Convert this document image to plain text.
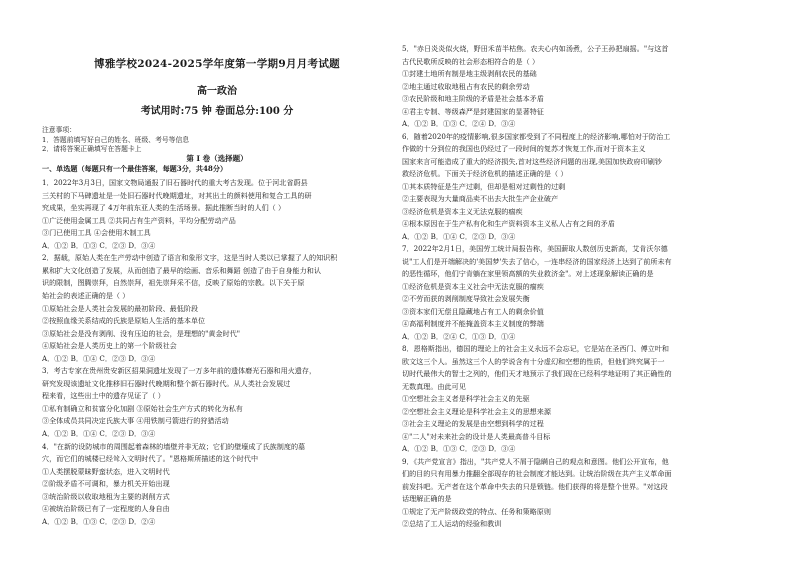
博雅学校2024-2025学年度第一学期9月月考试题
高一政治
考试用时:75 钟 卷面总分:100 分
注意事项：
1．答题前填写好自己的姓名、班级、考号等信息
2．请将答案正确填写在答题卡上
第 I 卷（选择题）
一、单选题（每题只有一个最佳答案，每题3分，共48分）
1．2022年3月3日，国家文物局通报了旧石器时代的重大考古发现。位于河北省蔚县
三关村的下马碑遗址是一处旧石器时代晚期遗址，对其出土的颜料使用和复合工具的研
究成果，坐实再现了 4万年前东亚人类的生活场景。据此推断当时的人们（ ）
①广泛使用金属工具 ②共同占有生产资料，平均分配劳动产品
③门已使用工具 ④会使用木制工具
A．①② B．①③ C．②③ D．③④
2．据载，原始人类在生产劳动中创造了语言和象形文字，这是当时人类以已掌握了人的知识积
累和扩大文化创造了发展，从而创造了最早的绘画、音乐和舞蹈 创造了由于自身能力和认
识的限制，图腾崇拜，自然崇拜，祖先崇拜采不信，反映了原始的宗教。以下关于原
始社会的表述正确的是（ ）
①原始社会是人类社会发展的最初阶段、最低阶段
②按照血缘关系结成的氏族是原始人生活的基本单位
③原始社会是没有剥削、没有压迫的社会，是理想的"黄金时代"
④原始社会是人类历史上的第一个阶级社会
A．①② B．①④ C．②③ D．③④
3．考古专家在贵州贵安新区招果洞遗址发现了一万多年前的遗体磨光石器和用火遗存，
研究发现该遗址文化推移旧石器时代晚期和整个新石器时代。从人类社会发展过
程来看，这些出土中的遗存见证了（ ）
①私有制确立和贫富分化加剧 ③原始社会生产方式的转化为私有
③全体成员共同决定氏族大事 ④用铁制弓箭进行的狩猎活动
A．①② B．①④ C．②③ D．③④
4．"在新的设防城市的周围起着森林的墙壁并非无故；它们的壁壕成了氏族制度的墓
穴，而它们的城楼已经耸入文明时代了。"恩格斯所描述的这个时代中
①人类摆脱蒙昧野蛮状态，进入文明时代
②阶级矛盾不可调和，暴力机关开始出现
③统治阶级以收取地租为主要的剥削方式
④被统治阶级已有了一定程度的人身自由
A．①② B．①③ C．②③ D．②④
5．"赤日炎炎似火烧，野田禾苗半枯焦。农夫心内如汤煮，公子王孙把扇摇。"与这首
古代民歌所反映的社会形态相符合的是（ ）
①封建土地所有制是地主级剥削农民的基础
②地主通过收取地租占有农民的剩余劳动
③农民阶级和地主阶级的矛盾是社会基本矛盾
④君主专制、等级森严是封建国家的显著特征
A．①② B．①③ C．②④ D．③④
6．随着2020年的疫情影响,很多国家都受到了不同程度上的经济影响,哪怕对于防治工
作做的十分到位的我国也仍经过了一段时间的复苏才恢复工作,而对于资本主义
国家来言可能造成了重大的经济损失,首对这些经济问题的出现,美国加快政府印刷钞
救经济危机。下面关于经济危机的描述正确的是（ ）
①其本质特征是生产过剩，但却是相对过剩性的过剩
②主要表现为大量商品卖不出去大批生产企业破产
③经济危机是资本主义无法克服的痼疾
④根本原因在于生产私有化和生产资料资本主义私人占有之间的矛盾
A．①② B．①④ C．②③ D．③④
7．2022年2月1日，美国劳工统计局报告称，美国薪取人数创历史新高，艾肯沃尔德
说"工人们是开端解决的'美国梦'失去了信心，一连串经济的国家经济上达到了前所未有
的恶性循环，他们宁肯躺在家里领高额的失业救济金"。对上述现象解读正确的是
①经济危机是资本主义社会中无法克服的痼疾
②不劳而获的剥削制度导致社会发展失衡
③资本家们无偿且隐藏地占有工人的剩余价值
④高福利制度并不能掩盖资本主义制度的弊端
A．①② B．②④ C．①③ D．①④
8．恩格斯指出，德国的理论上的社会主义永远不会忘记，它是站在圣西门、傅立叶和
欧文这三个人。虽然这三个人的学说含有十分虚幻和空想的性质，但他们终究属于一
切时代最伟大的智士之列的，他们天才地预示了我们现在已经科学地证明了其正确性的
无数真理。由此可见
①空想社会主义者是科学社会主义的先驱
②空想社会主义理论是科学社会主义的思想来源
③社会主义理论的发展是由空想到科学的过程
④"二人"对未来社会的设计是人类最高普斗目标
A．①② B．①③ C．②③ D．③④
9．《共产党宣言》指出，"共产党人不屑于隐瞒自己的观点和意图。他们公开宣布，他
们的目的只有用暴力推翻全部现存的社会制度才能达到。让统治阶级在共产主义革命面
前发抖吧。无产者在这个革命中失去的只是锁链。他们获得的将是整个世界。"对这段
话理解正确的是
①规定了无产阶级政党的特点、任务和策略原则
②总结了工人运动的经验和教训
